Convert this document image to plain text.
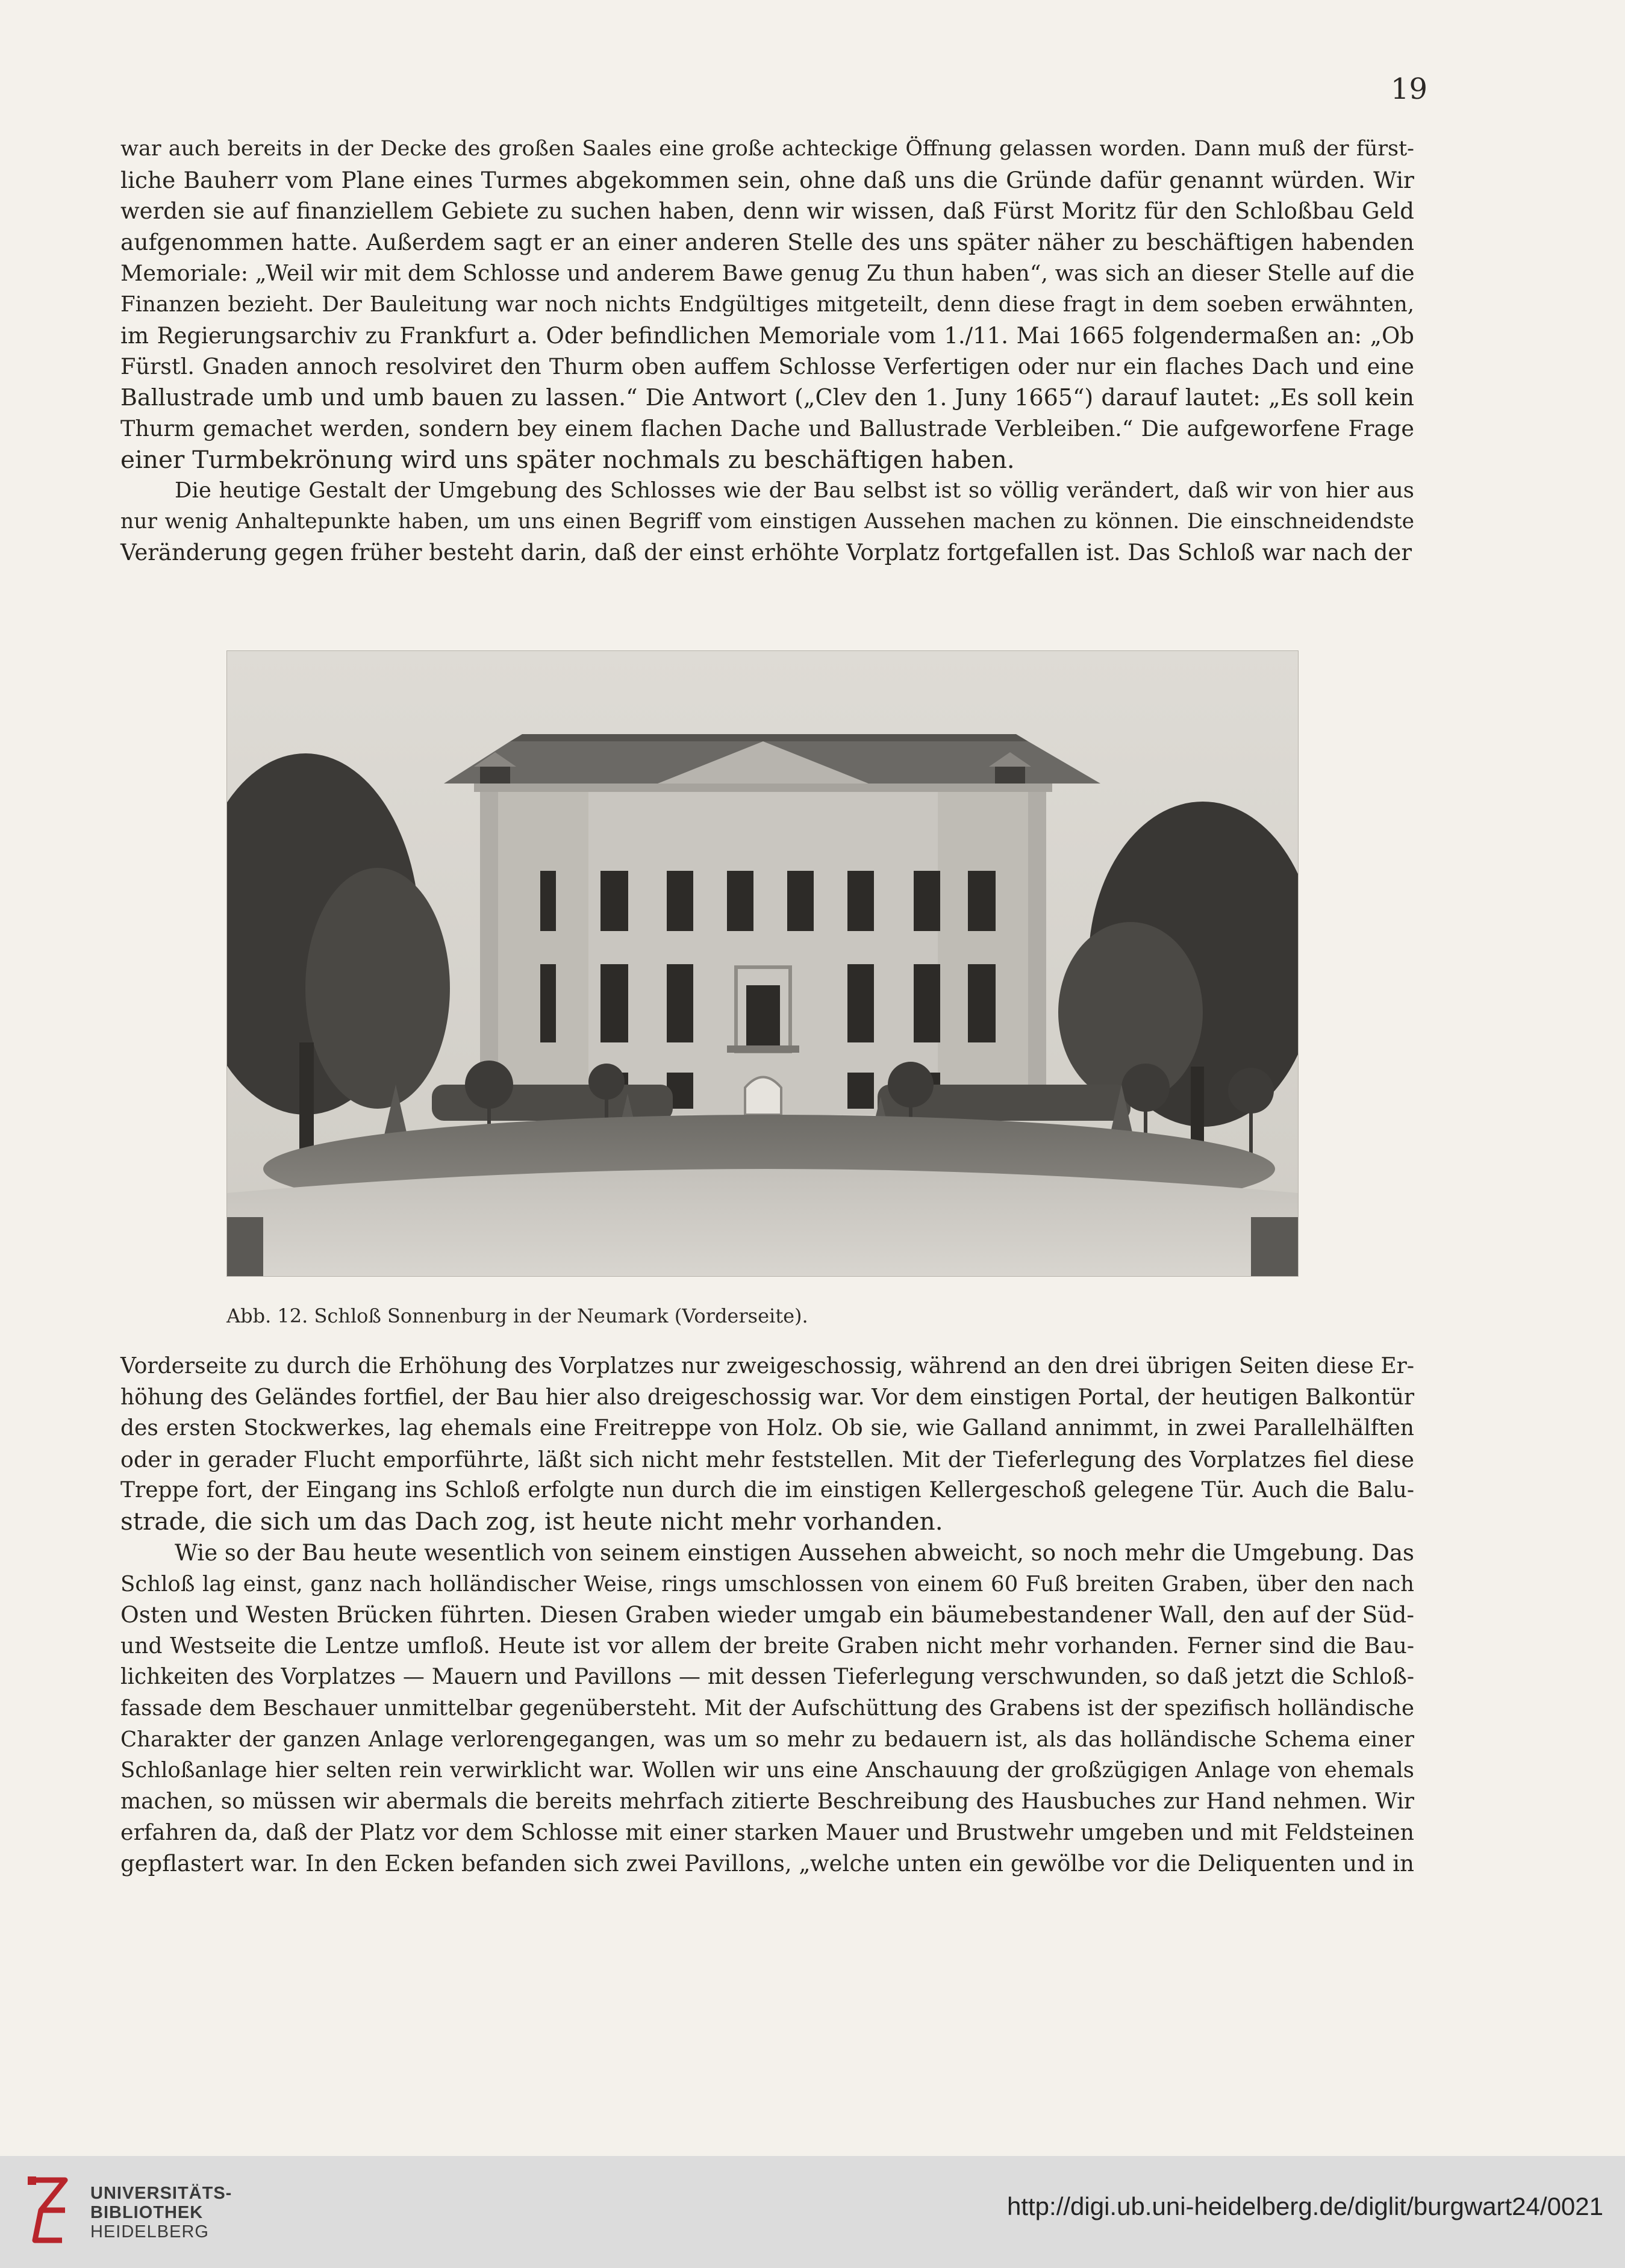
19
war auch bereits in der Decke des großen Saales eine große achteckige Öffnung gelassen worden. Dann muß der fürst-
liche Bauherr vom Plane eines Turmes abgekommen sein, ohne daß uns die Gründe dafür genannt würden. Wir
werden sie auf finanziellem Gebiete zu suchen haben, denn wir wissen, daß Fürst Moritz für den Schloßbau Geld
aufgenommen hatte. Außerdem sagt er an einer anderen Stelle des uns später näher zu beschäftigen habenden
Memoriale: „Weil wir mit dem Schlosse und anderem Bawe genug Zu thun haben“, was sich an dieser Stelle auf die
Finanzen bezieht. Der Bauleitung war noch nichts Endgültiges mitgeteilt, denn diese fragt in dem soeben erwähnten,
im Regierungsarchiv zu Frankfurt a. Oder befindlichen Memoriale vom 1./11. Mai 1665 folgendermaßen an: „Ob
Fürstl. Gnaden annoch resolviret den Thurm oben auffem Schlosse Verfertigen oder nur ein flaches Dach und eine
Ballustrade umb und umb bauen zu lassen.“ Die Antwort („Clev den 1. Juny 1665“) darauf lautet: „Es soll kein
Thurm gemachet werden, sondern bey einem flachen Dache und Ballustrade Verbleiben.“ Die aufgeworfene Frage
einer Turmbekrönung wird uns später nochmals zu beschäftigen haben.
Die heutige Gestalt der Umgebung des Schlosses wie der Bau selbst ist so völlig verändert, daß wir von hier aus
nur wenig Anhaltepunkte haben, um uns einen Begriff vom einstigen Aussehen machen zu können. Die einschneidendste
Veränderung gegen früher besteht darin, daß der einst erhöhte Vorplatz fortgefallen ist. Das Schloß war nach der
Abb. 12. Schloß Sonnenburg in der Neumark (Vorderseite).
Vorderseite zu durch die Erhöhung des Vorplatzes nur zweigeschossig, während an den drei übrigen Seiten diese Er-
höhung des Geländes fortfiel, der Bau hier also dreigeschossig war. Vor dem einstigen Portal, der heutigen Balkontür
des ersten Stockwerkes, lag ehemals eine Freitreppe von Holz. Ob sie, wie Galland annimmt, in zwei Parallelhälften
oder in gerader Flucht emporführte, läßt sich nicht mehr feststellen. Mit der Tieferlegung des Vorplatzes fiel diese
Treppe fort, der Eingang ins Schloß erfolgte nun durch die im einstigen Kellergeschoß gelegene Tür. Auch die Balu-
strade, die sich um das Dach zog, ist heute nicht mehr vorhanden.
Wie so der Bau heute wesentlich von seinem einstigen Aussehen abweicht, so noch mehr die Umgebung. Das
Schloß lag einst, ganz nach holländischer Weise, rings umschlossen von einem 60 Fuß breiten Graben, über den nach
Osten und Westen Brücken führten. Diesen Graben wieder umgab ein bäumebestandener Wall, den auf der Süd-
und Westseite die Lentze umfloß. Heute ist vor allem der breite Graben nicht mehr vorhanden. Ferner sind die Bau-
lichkeiten des Vorplatzes — Mauern und Pavillons — mit dessen Tieferlegung verschwunden, so daß jetzt die Schloß-
fassade dem Beschauer unmittelbar gegenübersteht. Mit der Aufschüttung des Grabens ist der spezifisch holländische
Charakter der ganzen Anlage verlorengegangen, was um so mehr zu bedauern ist, als das holländische Schema einer
Schloßanlage hier selten rein verwirklicht war. Wollen wir uns eine Anschauung der großzügigen Anlage von ehemals
machen, so müssen wir abermals die bereits mehrfach zitierte Beschreibung des Hausbuches zur Hand nehmen. Wir
erfahren da, daß der Platz vor dem Schlosse mit einer starken Mauer und Brustwehr umgeben und mit Feldsteinen
gepflastert war. In den Ecken befanden sich zwei Pavillons, „welche unten ein gewölbe vor die Deliquenten und in
UNIVERSITÄTS-
BIBLIOTHEK
HEIDELBERG
http://digi.ub.uni-heidelberg.de/diglit/burgwart24/0021
